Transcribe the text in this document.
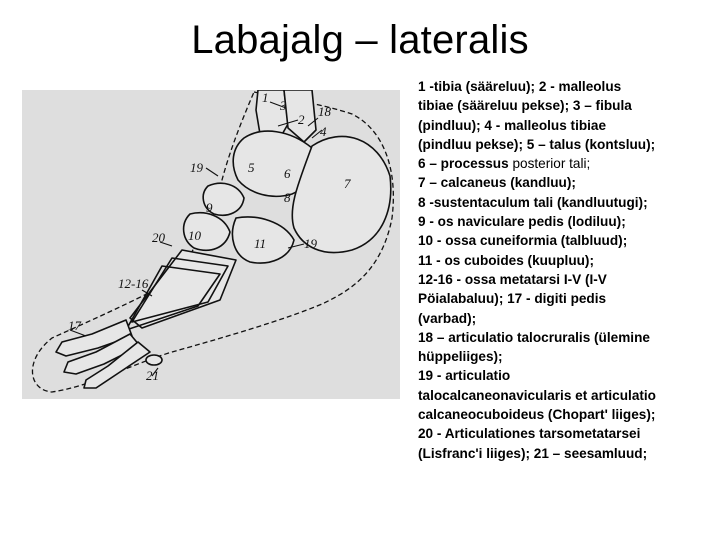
Labajalg – lateralis
1
3
2
18
4
19	5
7
6
8
9
10
11
20	19
12-16
17
21
1 -tibia (sääreluu); 2 - malleolus
tibiae (sääreluu pekse); 3 – fibula
(pindluu); 4 - malleolus tibiae
(pindluu pekse); 5 – talus (kontsluu);
6 – processus posterior tali;
7 – calcaneus (kandluu);
8 -sustentaculum tali (kandluutugi);
9 - os naviculare pedis (lodiluu);
10 - ossa cuneiformia (talbluud);
11 - os cuboides (kuupluu);
12-16 - ossa metatarsi I-V (I-V
Pöialabaluu); 17 - digiti pedis
(varbad);
18 – articulatio talocruralis (ülemine
hüppeliiges);
19 - articulatio
talocalcaneonavicularis et articulatio
calcaneocuboideus (Chopart' liiges);
20 - Articulationes tarsometatarsei
(Lisfranc'i liiges); 21 – seesamluud;
